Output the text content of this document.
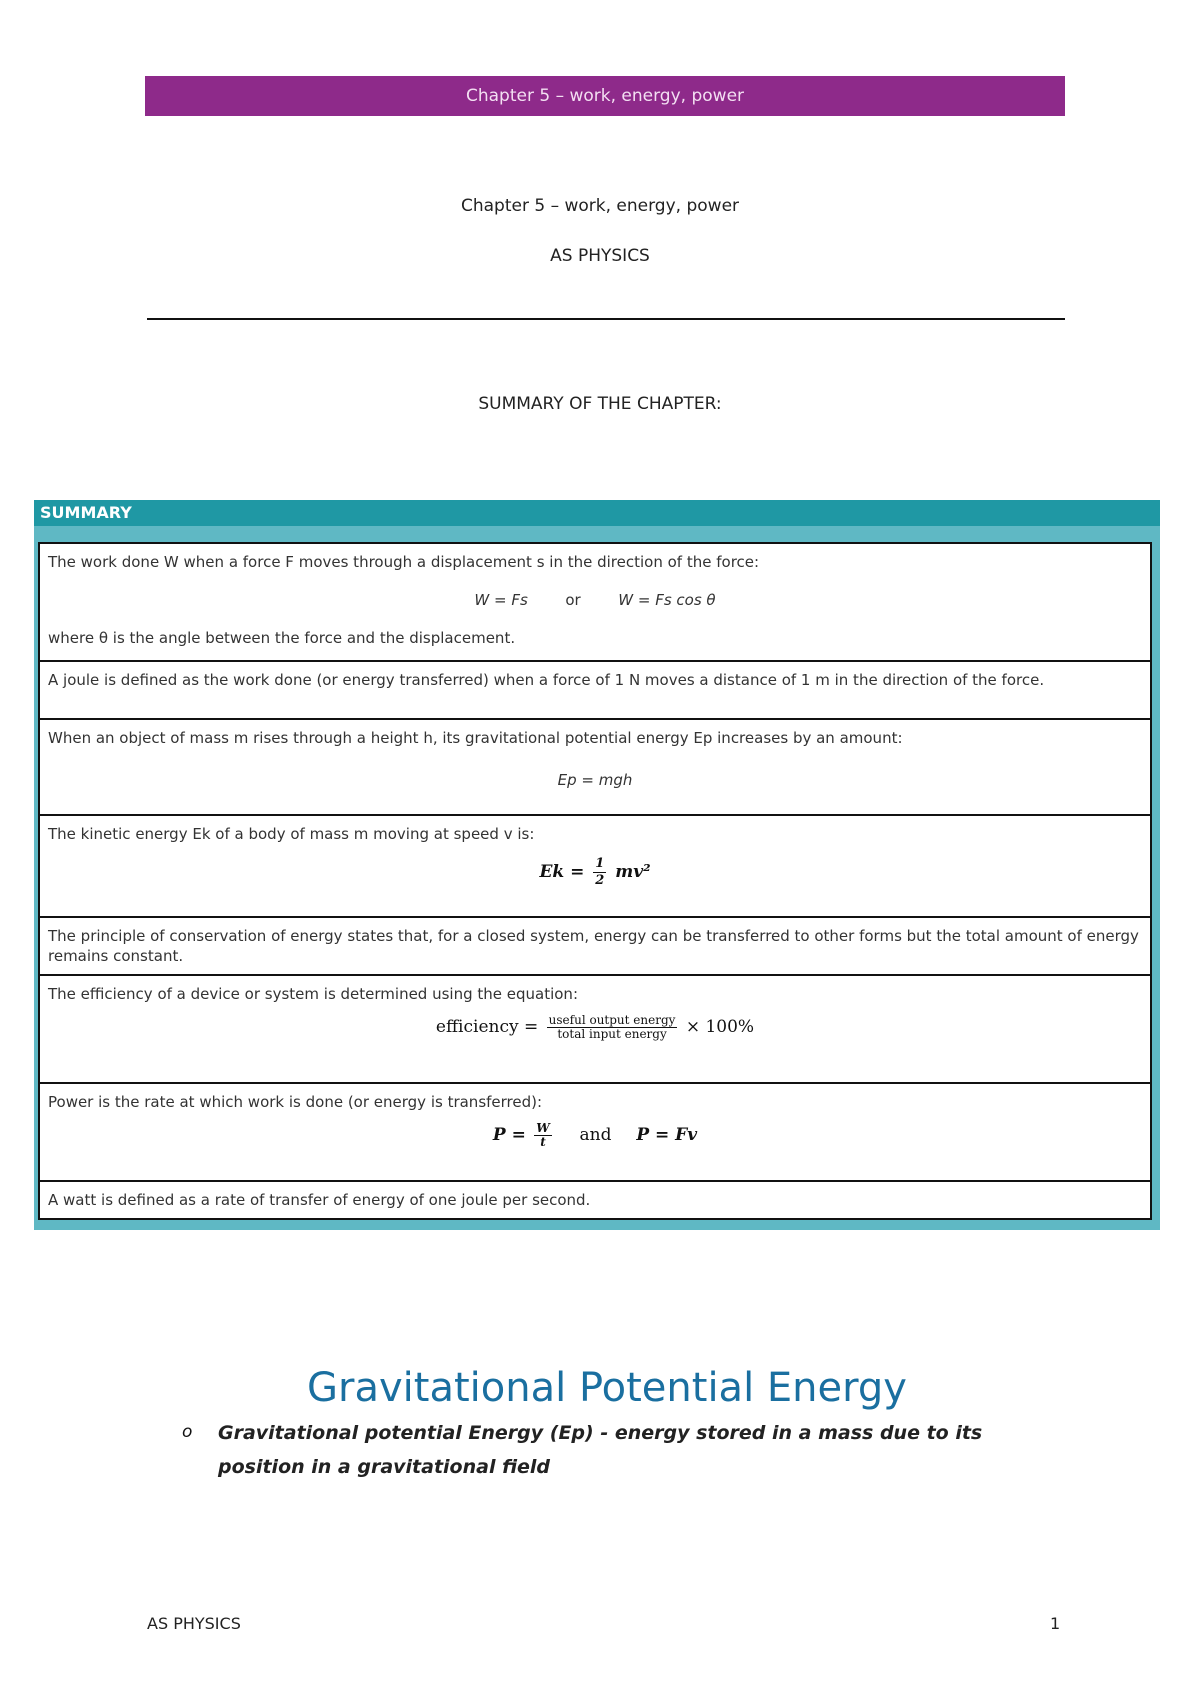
Chapter 5 – work, energy, power
Chapter 5 – work, energy, power
AS PHYSICS
SUMMARY OF THE CHAPTER:
SUMMARY
The work done W when a force F moves through a displacement s in the direction of the force:
W = Fs	or	W = Fs cos θ
where θ is the angle between the force and the displacement.
A joule is defined as the work done (or energy transferred) when a force of 1 N moves a distance of 1 m in the direction of the force.
When an object of mass m rises through a height h, its gravitational potential energy Ep increases by an amount:
Ep = mgh
The kinetic energy Ek of a body of mass m moving at speed v is:
$Ek = \frac{1}{2} mv^2$
The principle of conservation of energy states that, for a closed system, energy can be transferred to other forms but the total amount of energy remains constant.
The efficiency of a device or system is determined using the equation:
efficiency = $\frac{\text{useful output energy}}{\text{total input energy}} \times 100\%$
Power is the rate at which work is done (or energy is transferred):
$P = \frac{W}{t}$ and P = Fv
A watt is defined as a rate of transfer of energy of one joule per second.
Gravitational Potential Energy
o Gravitational potential Energy (Ep) - energy stored in a mass due to its position in a gravitational field
AS PHYSICS	1
